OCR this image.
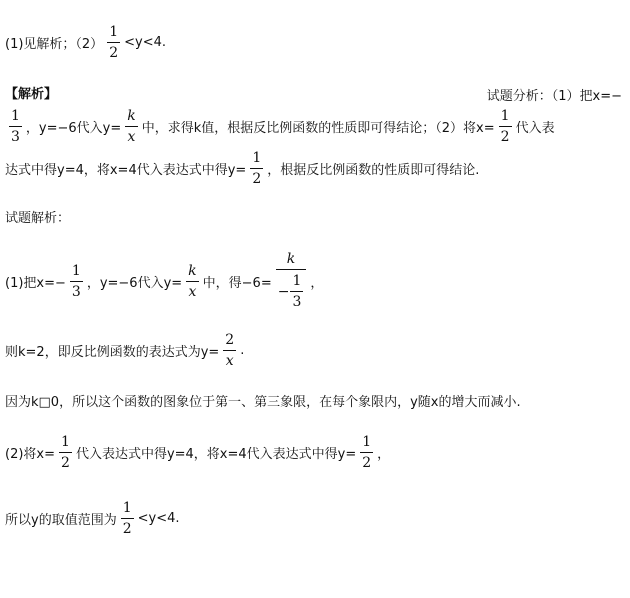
(1)见解析；$(2) \frac{1}{2} <y<4$.
【解析】	试题分析：（1）把x=−
$\frac{1}{3}$ ，y=−6代入$y= \frac{k}{x}$ 中，求得k值，根据反比例函数的性质即可得结论；（2）将$x= \frac{1}{2}$ 代入表
达式中得y=4，将x=4代入表达式中得$y= \frac{1}{2}$ ，根据反比例函数的性质即可得结论.
试题解析：
(1)把$x=- \frac{1}{3}$ ，y=−6代入$y= \frac{k}{x}$ 中，得$-6= \frac{k}{- \frac{1}{3}}$ ，
则k=2，即反比例函数的表达式为$y= \frac{2}{x}$ .
因为k□0，所以这个函数的图象位于第一、第三象限，在每个象限内，y随x的增大而减小.
(2)将$x= \frac{1}{2}$ 代入表达式中得y=4，将x=4代入表达式中得$y= \frac{1}{2}$ ，
所以y的取值范围为 $\frac{1}{2} <y<4$.
